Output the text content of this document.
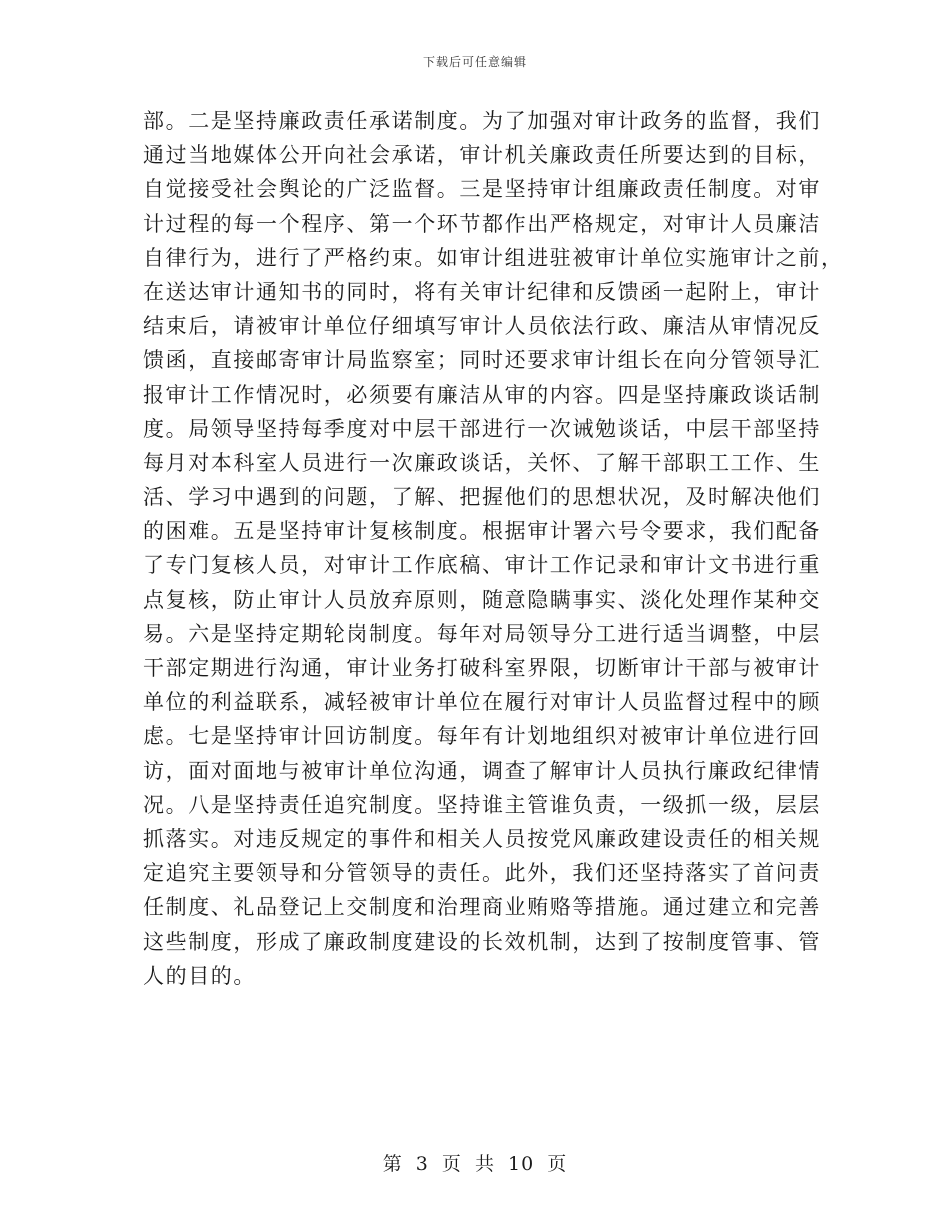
下载后可任意编辑
部。二是坚持廉政责任承诺制度。为了加强对审计政务的监督，我们
通过当地媒体公开向社会承诺，审计机关廉政责任所要达到的目标，
自觉接受社会舆论的广泛监督。三是坚持审计组廉政责任制度。对审
计过程的每一个程序、第一个环节都作出严格规定，对审计人员廉洁
自律行为，进行了严格约束。如审计组进驻被审计单位实施审计之前，
在送达审计通知书的同时，将有关审计纪律和反馈函一起附上，审计
结束后，请被审计单位仔细填写审计人员依法行政、廉洁从审情况反
馈函，直接邮寄审计局监察室；同时还要求审计组长在向分管领导汇
报审计工作情况时，必须要有廉洁从审的内容。四是坚持廉政谈话制
度。局领导坚持每季度对中层干部进行一次诫勉谈话，中层干部坚持
每月对本科室人员进行一次廉政谈话，关怀、了解干部职工工作、生
活、学习中遇到的问题，了解、把握他们的思想状况，及时解决他们
的困难。五是坚持审计复核制度。根据审计署六号令要求，我们配备
了专门复核人员，对审计工作底稿、审计工作记录和审计文书进行重
点复核，防止审计人员放弃原则，随意隐瞒事实、淡化处理作某种交
易。六是坚持定期轮岗制度。每年对局领导分工进行适当调整，中层
干部定期进行沟通，审计业务打破科室界限，切断审计干部与被审计
单位的利益联系，减轻被审计单位在履行对审计人员监督过程中的顾
虑。七是坚持审计回访制度。每年有计划地组织对被审计单位进行回
访，面对面地与被审计单位沟通，调查了解审计人员执行廉政纪律情
况。八是坚持责任追究制度。坚持谁主管谁负责，一级抓一级，层层
抓落实。对违反规定的事件和相关人员按党风廉政建设责任的相关规
定追究主要领导和分管领导的责任。此外，我们还坚持落实了首问责
任制度、礼品登记上交制度和治理商业贿赂等措施。通过建立和完善
这些制度，形成了廉政制度建设的长效机制，达到了按制度管事、管
人的目的。
第 3 页 共 10 页
